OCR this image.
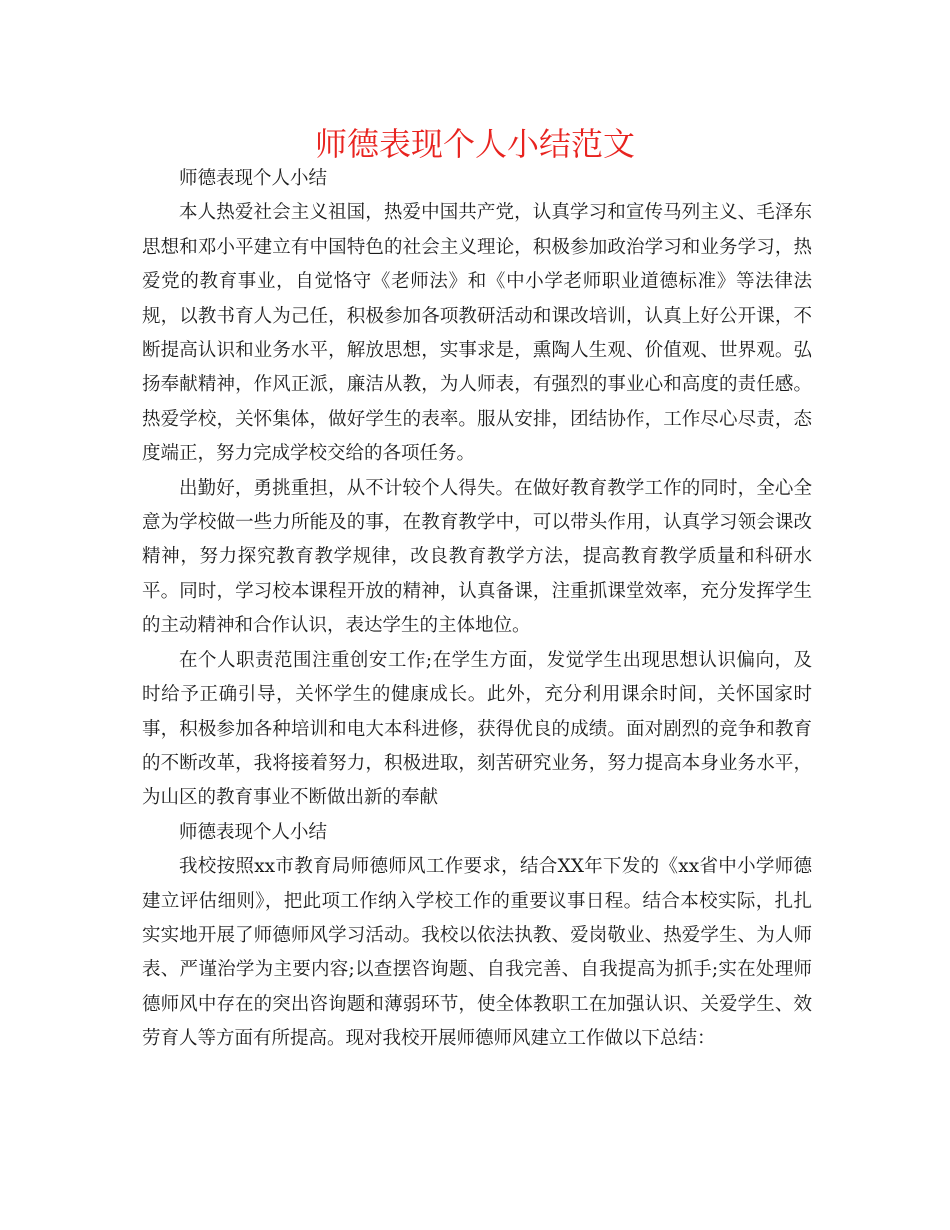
师德表现个人小结范文

师德表现个人小结

本人热爱社会主义祖国，热爱中国共产党，认真学习和宣传马列主义、毛泽东思想和邓小平建立有中国特色的社会主义理论，积极参加政治学习和业务学习，热爱党的教育事业，自觉恪守《老师法》和《中小学老师职业道德标准》等法律法规，以教书育人为己任，积极参加各项教研活动和课改培训，认真上好公开课，不断提高认识和业务水平，解放思想，实事求是，熏陶人生观、价值观、世界观。弘扬奉献精神，作风正派，廉洁从教，为人师表，有强烈的事业心和高度的责任感。热爱学校，关怀集体，做好学生的表率。服从安排，团结协作，工作尽心尽责，态度端正，努力完成学校交给的各项任务。

出勤好，勇挑重担，从不计较个人得失。在做好教育教学工作的同时，全心全意为学校做一些力所能及的事，在教育教学中，可以带头作用，认真学习领会课改精神，努力探究教育教学规律，改良教育教学方法，提高教育教学质量和科研水平。同时，学习校本课程开放的精神，认真备课，注重抓课堂效率，充分发挥学生的主动精神和合作认识，表达学生的主体地位。

在个人职责范围注重创安工作;在学生方面，发觉学生出现思想认识偏向，及时给予正确引导，关怀学生的健康成长。此外，充分利用课余时间，关怀国家时事，积极参加各种培训和电大本科进修，获得优良的成绩。面对剧烈的竞争和教育的不断改革，我将接着努力，积极进取，刻苦研究业务，努力提高本身业务水平，为山区的教育事业不断做出新的奉献

师德表现个人小结

我校按照xx市教育局师德师风工作要求，结合XX年下发的《xx省中小学师德建立评估细则》，把此项工作纳入学校工作的重要议事日程。结合本校实际，扎扎实实地开展了师德师风学习活动。我校以依法执教、爱岗敬业、热爱学生、为人师表、严谨治学为主要内容;以查摆咨询题、自我完善、自我提高为抓手;实在处理师德师风中存在的突出咨询题和薄弱环节，使全体教职工在加强认识、关爱学生、效劳育人等方面有所提高。现对我校开展师德师风建立工作做以下总结：
